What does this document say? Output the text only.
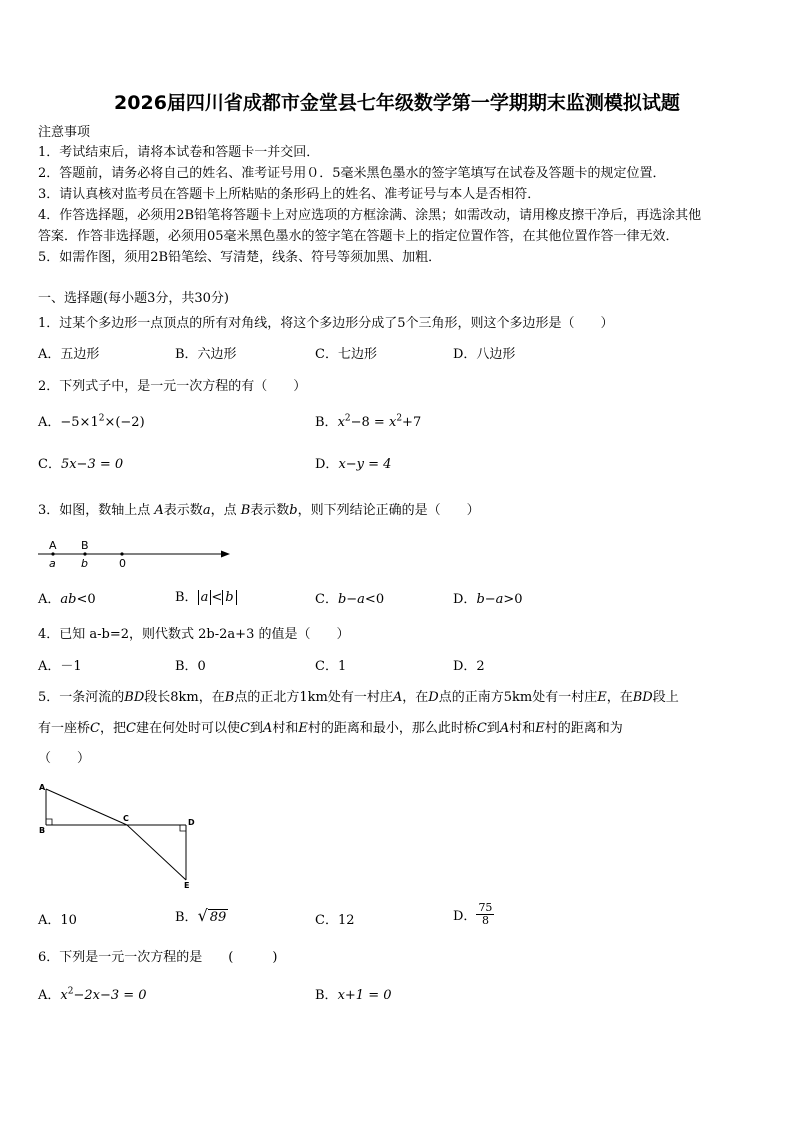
2026届四川省成都市金堂县七年级数学第一学期期末监测模拟试题
注意事项
1．考试结束后，请将本试卷和答题卡一并交回．
2．答题前，请务必将自己的姓名、准考证号用０．5毫米黑色墨水的签字笔填写在试卷及答题卡的规定位置．
3．请认真核对监考员在答题卡上所粘贴的条形码上的姓名、准考证号与本人是否相符．
4．作答选择题，必须用2B铅笔将答题卡上对应选项的方框涂满、涂黑；如需改动，请用橡皮擦干净后，再选涂其他
答案．作答非选择题，必须用05毫米黑色墨水的签字笔在答题卡上的指定位置作答，在其他位置作答一律无效．
5．如需作图，须用2B铅笔绘、写清楚，线条、符号等须加黑、加粗．
一、选择题(每小题3分，共30分)
1．过某个多边形一点顶点的所有对角线，将这个多边形分成了5个三角形，则这个多边形是（　　）
A．五边形	B．六边形	C．七边形	D．八边形
2．下列式子中，是一元一次方程的有（　　）
A．$-5\times 1^2\times(-2)$	B．$x^2-8 = x^2+7$
C．5x−3 = 0	D．x−y = 4
3．如图，数轴上点 A表示数a，点 B表示数b，则下列结论正确的是（　　）
A B
a b	0
A．ab<0	B． a < b	C．b−a<0	D．b−a>0
4．已知 a-b=2，则代数式 2b-2a+3 的值是（　　）
A．－1	B．0	C．1	D．2
5．一条河流的BD段长8km，在B点的正北方1km处有一村庄A，在D点的正南方5km处有一村庄E，在BD段上
有一座桥C，把C建在何处时可以使C到A村和E村的距离和最小，那么此时桥C到A村和E村的距离和为
（　　）
A
B
C	D
E
A．10	B． √ 89	C．12	D． $\frac{75}{8}$
6．下列是一元一次方程的是　　(　　　)
A．$x^2-2x-3 = 0$	B．x+1 = 0
